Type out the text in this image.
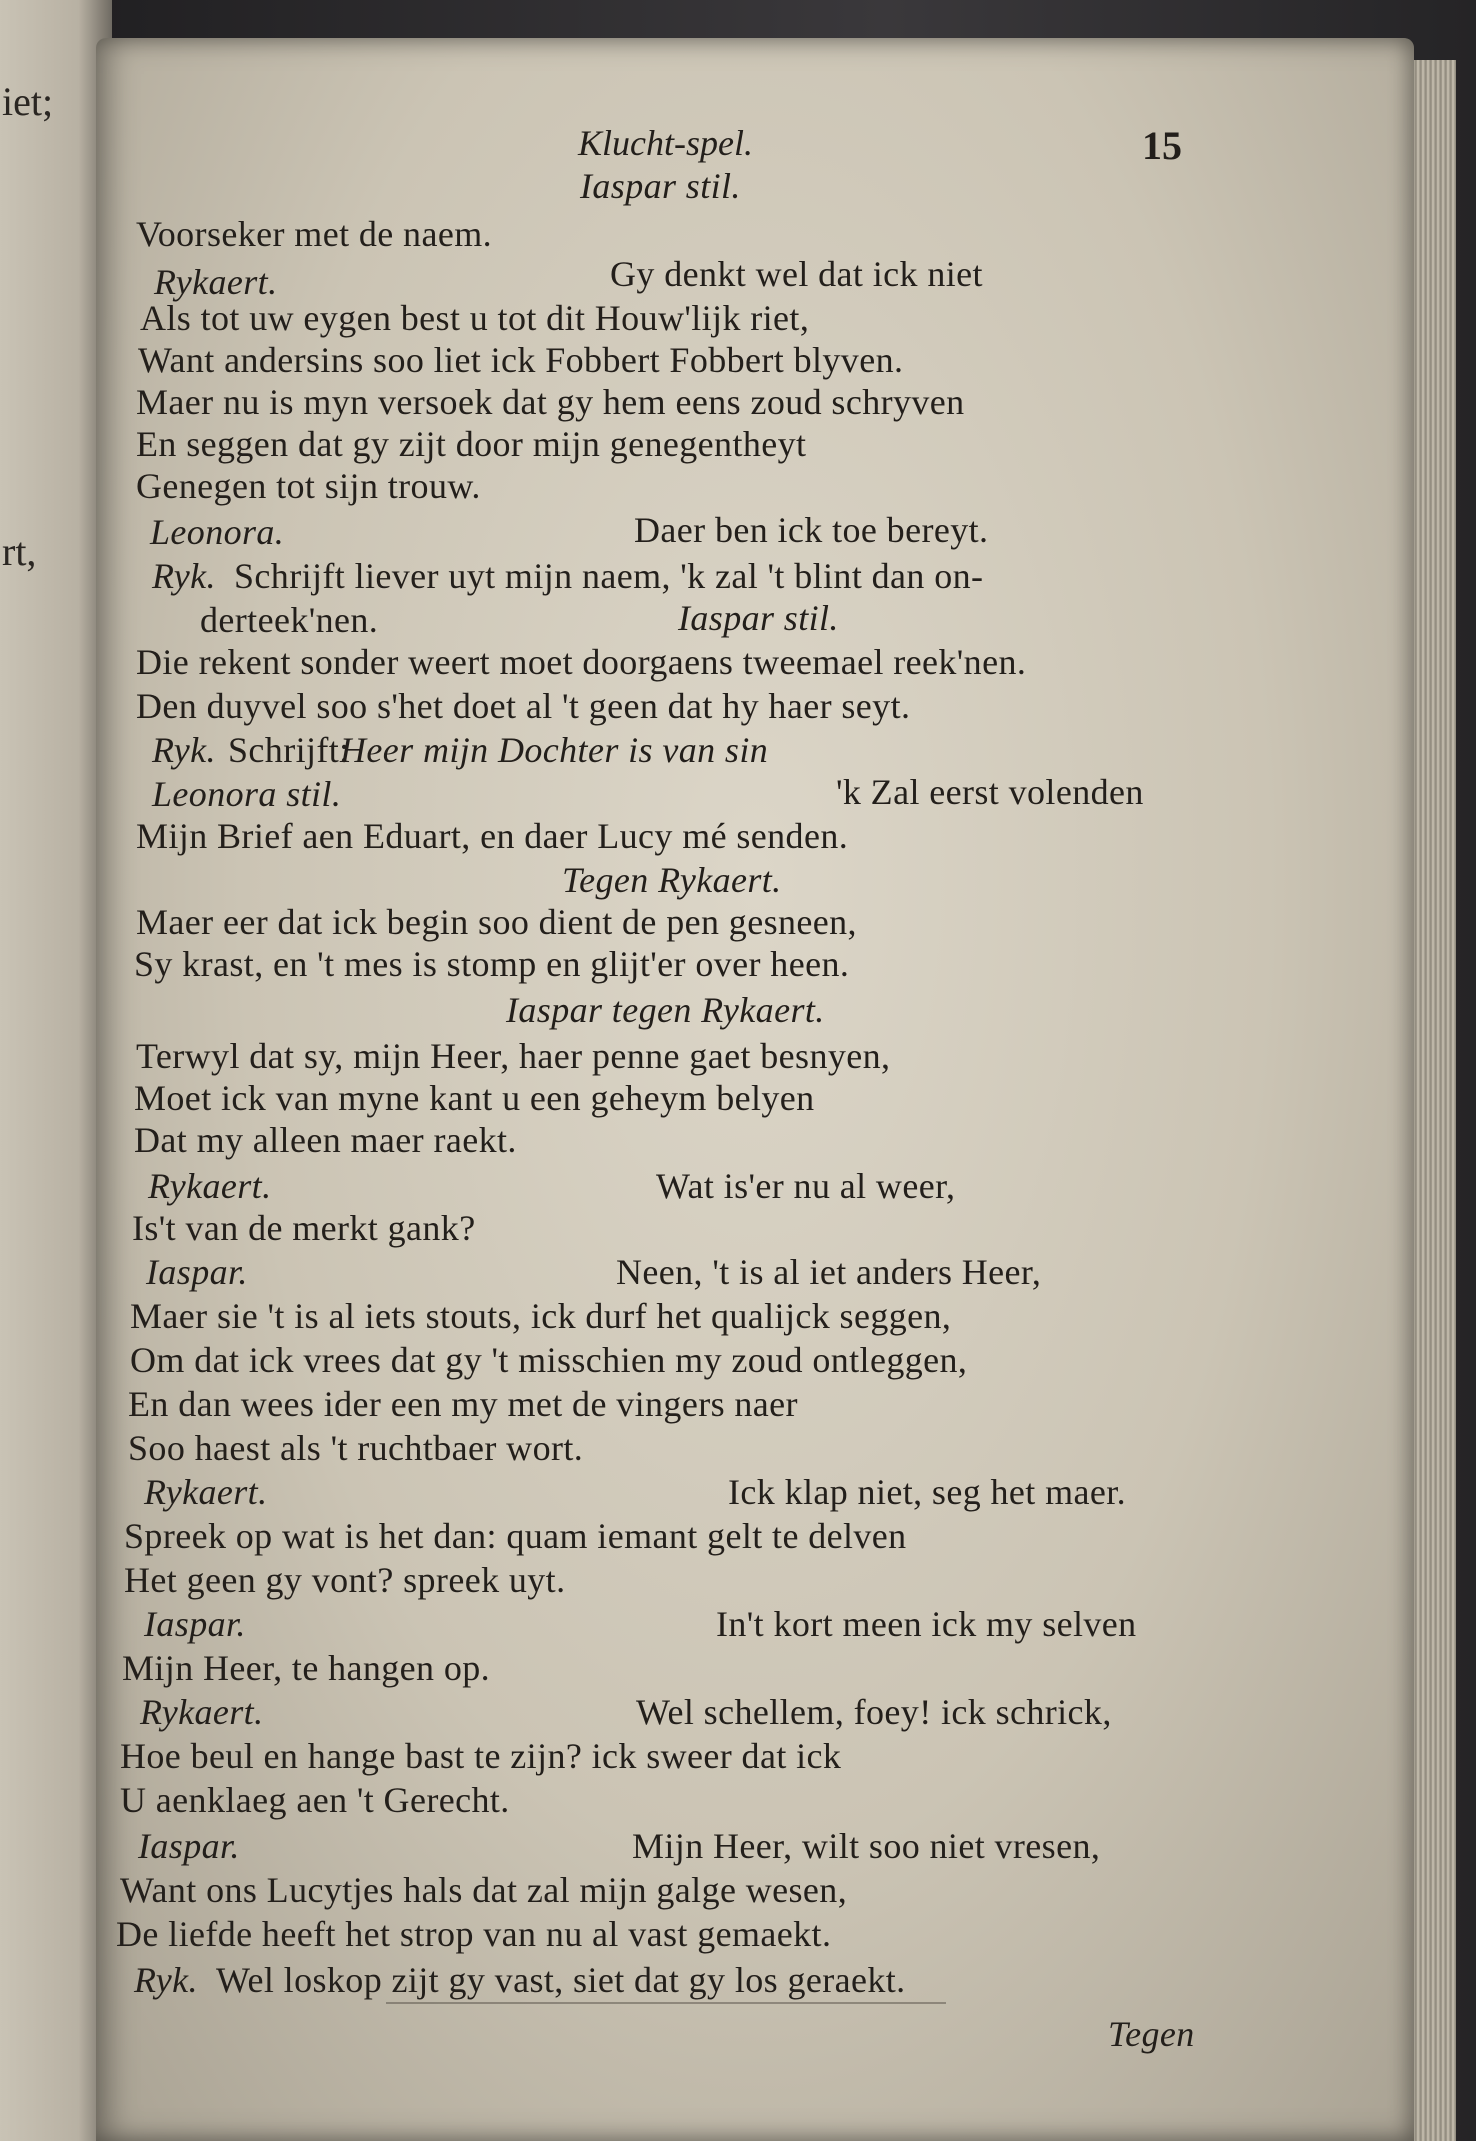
iet;
rt,
Klucht-spel.	15
Iaspar stil.
Voorseker met de naem.
Rykaert.	Gy denkt wel dat ick niet
Als tot uw eygen best u tot dit Houw'lijk riet,
Want andersins soo liet ick Fobbert Fobbert blyven.
Maer nu is myn versoek dat gy hem eens zoud schryven
En seggen dat gy zijt door mijn genegentheyt
Genegen tot sijn trouw.
Leonora.	Daer ben ick toe bereyt.
Ryk. Schrijft liever uyt mijn naem, 'k zal 't blint dan on-
derteek'nen.	Iaspar stil.
Die rekent sonder weert moet doorgaens tweemael reek'nen.
Den duyvel soo s'het doet al 't geen dat hy haer seyt.
Ryk. Schrijft:
Heer mijn Dochter is van sin
Leonora stil.	'k Zal eerst volenden
Mijn Brief aen Eduart, en daer Lucy mé senden.
Tegen Rykaert.
Maer eer dat ick begin soo dient de pen gesneen,
Sy krast, en 't mes is stomp en glijt'er over heen.
Iaspar tegen Rykaert.
Terwyl dat sy, mijn Heer, haer penne gaet besnyen,
Moet ick van myne kant u een geheym belyen
Dat my alleen maer raekt.
Rykaert.	Wat is'er nu al weer,
Is't van de merkt gank?
Iaspar.	Neen, 't is al iet anders Heer,
Maer sie 't is al iets stouts, ick durf het qualijck seggen,
Om dat ick vrees dat gy 't misschien my zoud ontleggen,
En dan wees ider een my met de vingers naer
Soo haest als 't ruchtbaer wort.
Rykaert.	Ick klap niet, seg het maer.
Spreek op wat is het dan: quam iemant gelt te delven
Het geen gy vont? spreek uyt.
Iaspar.	In't kort meen ick my selven
Mijn Heer, te hangen op.
Rykaert.	Wel schellem, foey! ick schrick,
Hoe beul en hange bast te zijn? ick sweer dat ick
U aenklaeg aen 't Gerecht.
Iaspar.	Mijn Heer, wilt soo niet vresen,
Want ons Lucytjes hals dat zal mijn galge wesen,
De liefde heeft het strop van nu al vast gemaekt.
Ryk. Wel loskop zijt gy vast, siet dat gy los geraekt.
Tegen
